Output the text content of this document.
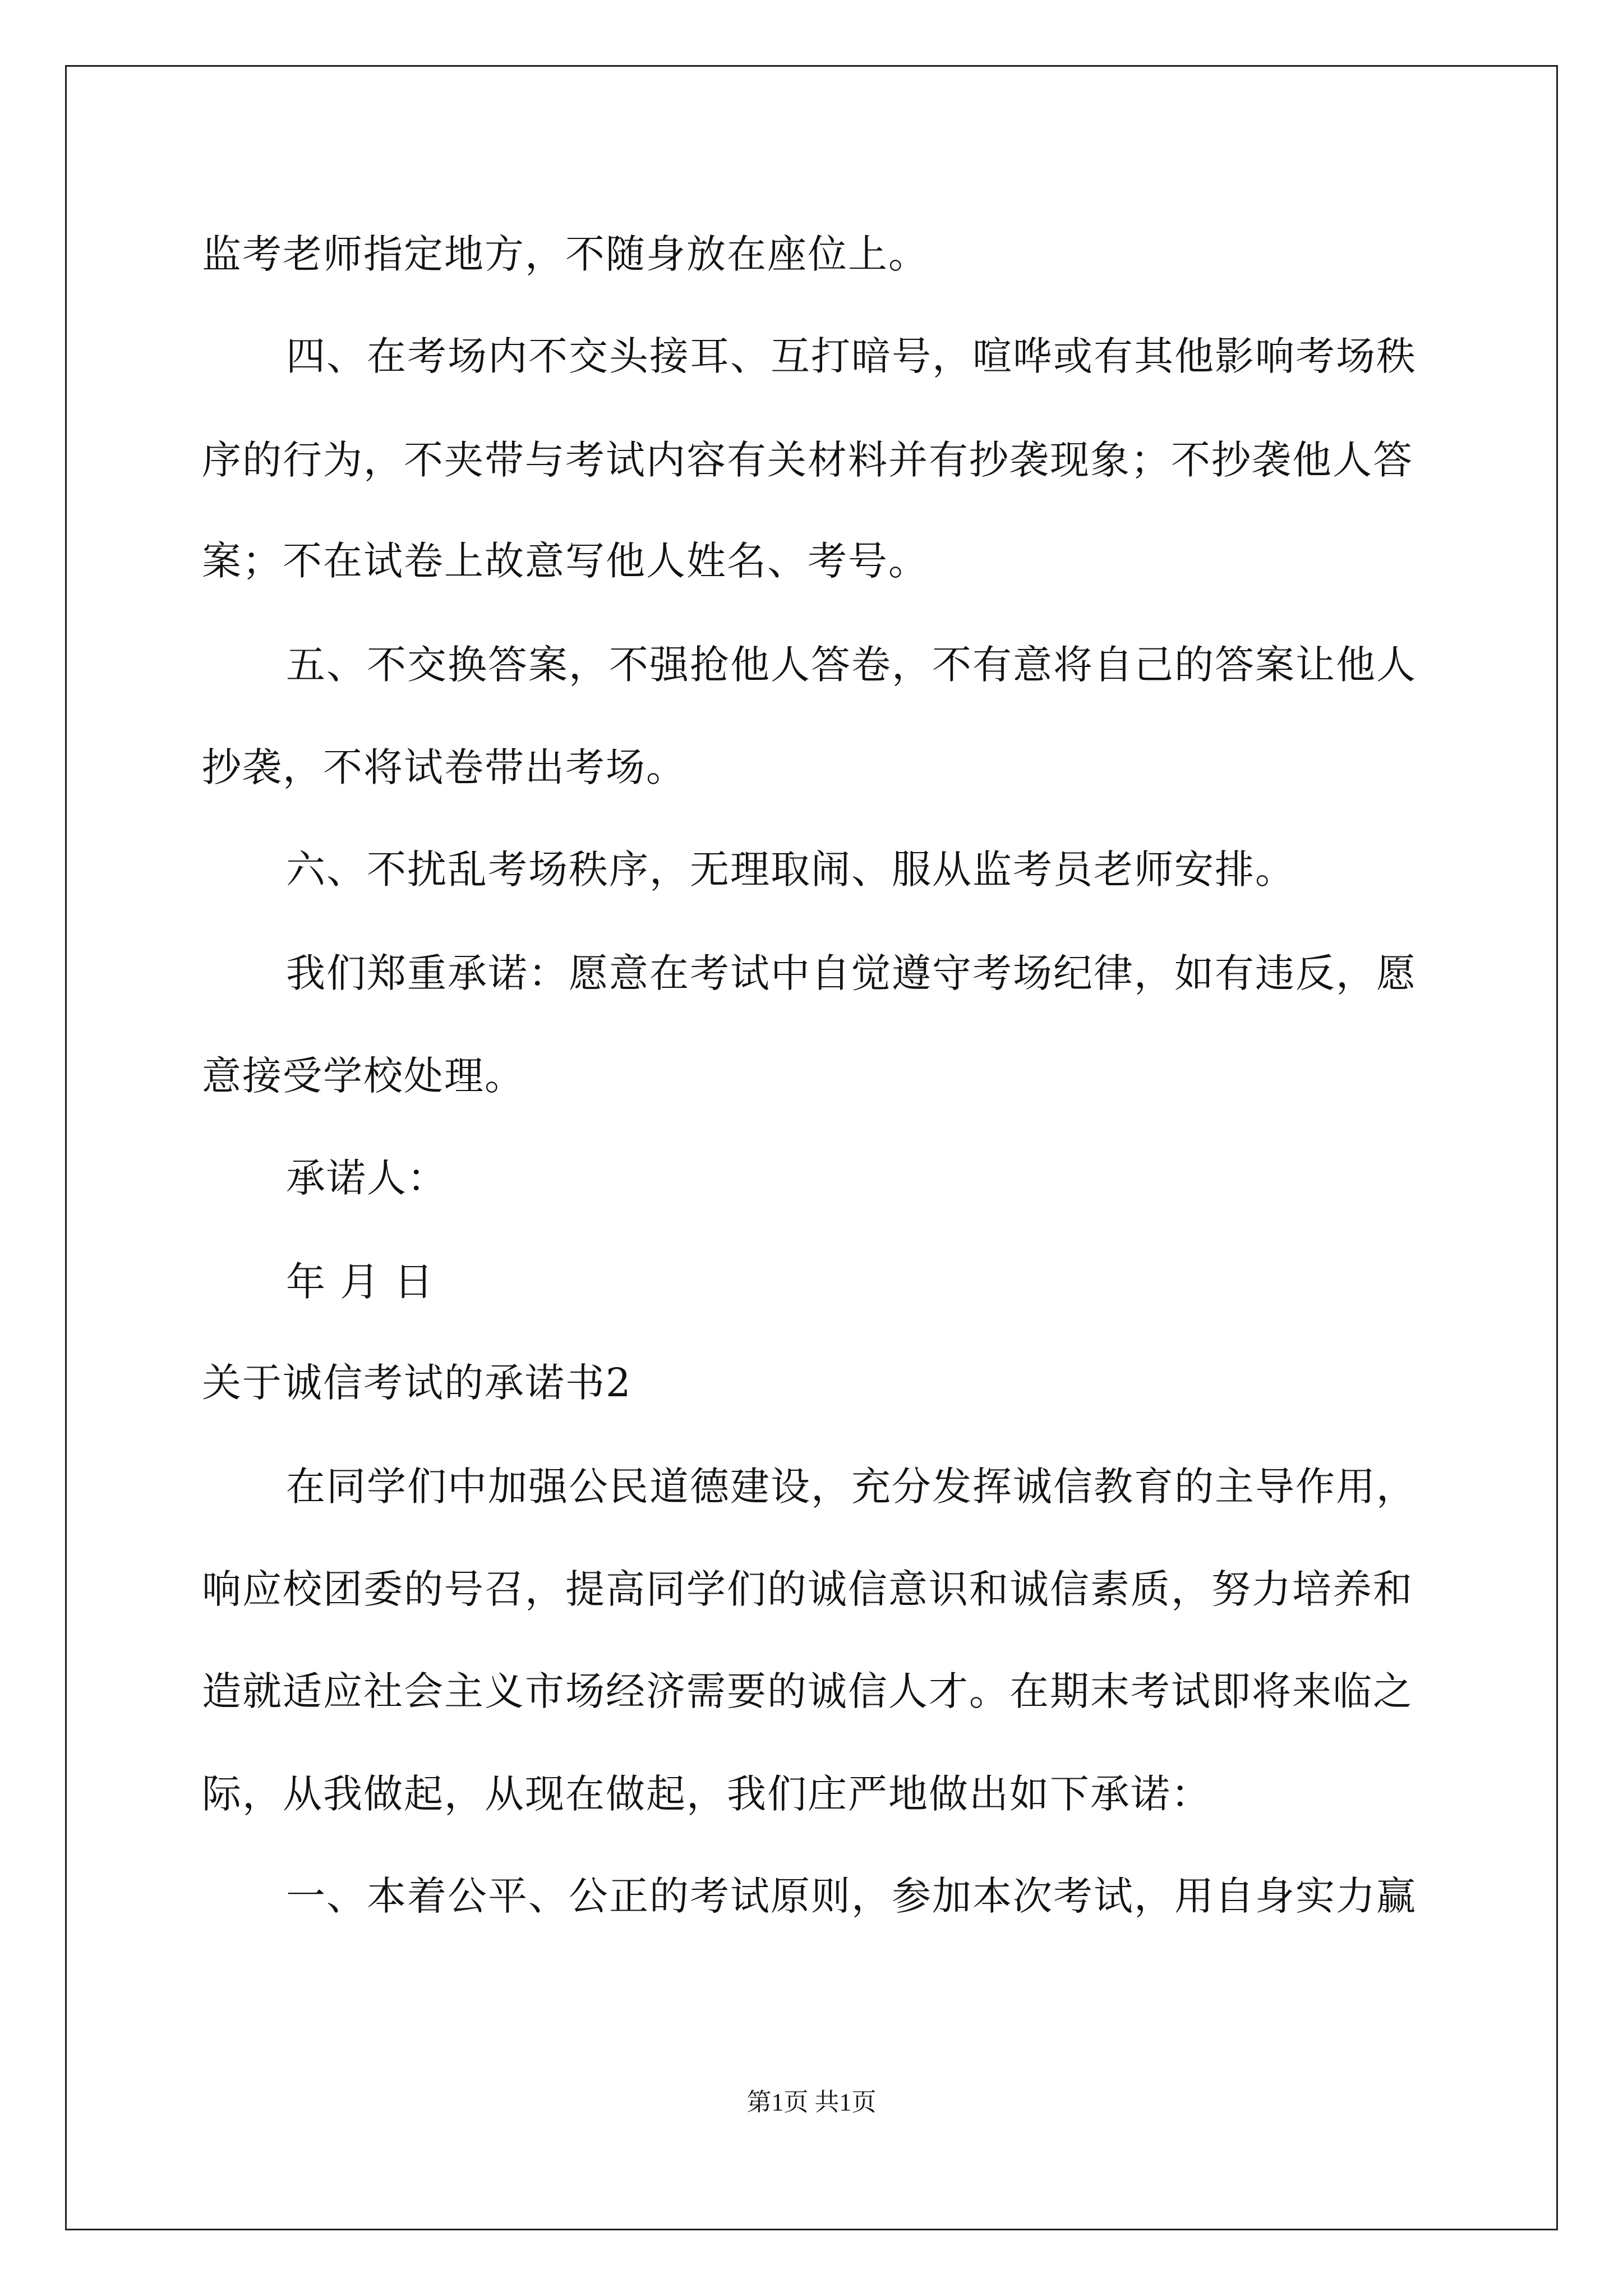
监考老师指定地方，不随身放在座位上。
四、在考场内不交头接耳、互打暗号，喧哗或有其他影响考场秩
序的行为，不夹带与考试内容有关材料并有抄袭现象；不抄袭他人答
案；不在试卷上故意写他人姓名、考号。
五、不交换答案，不强抢他人答卷，不有意将自己的答案让他人
抄袭，不将试卷带出考场。
六、不扰乱考场秩序，无理取闹、服从监考员老师安排。
我们郑重承诺：愿意在考试中自觉遵守考场纪律，如有违反，愿
意接受学校处理。
承诺人：
年 月 日
关于诚信考试的承诺书2
在同学们中加强公民道德建设，充分发挥诚信教育的主导作用，
响应校团委的号召，提高同学们的诚信意识和诚信素质，努力培养和
造就适应社会主义市场经济需要的诚信人才。在期末考试即将来临之
际，从我做起，从现在做起，我们庄严地做出如下承诺：
一、本着公平、公正的考试原则，参加本次考试，用自身实力赢
第1页 共1页
